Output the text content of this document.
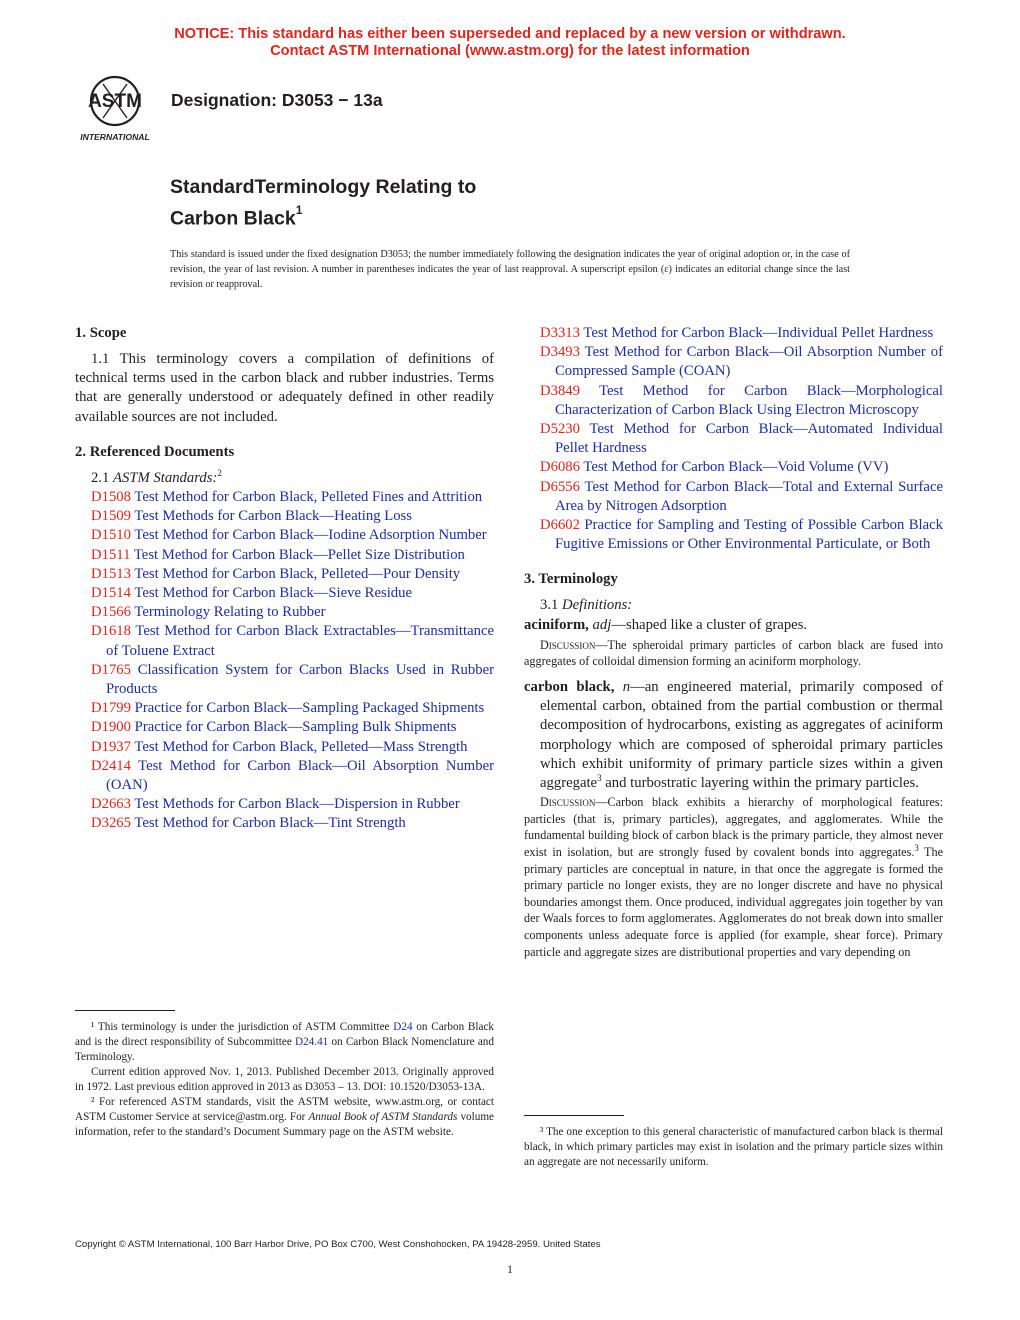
NOTICE: This standard has either been superseded and replaced by a new version or withdrawn.
Contact ASTM International (www.astm.org) for the latest information
ASTM
INTERNATIONAL
Designation: D3053 − 13a
StandardTerminology Relating to
Carbon Black$^1$
This standard is issued under the fixed designation D3053; the number immediately following the designation indicates the year of original adoption or, in the case of revision, the year of last revision. A number in parentheses indicates the year of last reapproval. A superscript epsilon (ε) indicates an editorial change since the last revision or reapproval.
1. Scope

1.1 This terminology covers a compilation of definitions of technical terms used in the carbon black and rubber industries. Terms that are generally understood or adequately defined in other readily available sources are not included.

2. Referenced Documents

2.1 ASTM Standards:$^2$

D1508 Test Method for Carbon Black, Pelleted Fines and Attrition

D1509 Test Methods for Carbon Black—Heating Loss

D1510 Test Method for Carbon Black—Iodine Adsorption Number

D1511 Test Method for Carbon Black—Pellet Size Distribution

D1513 Test Method for Carbon Black, Pelleted—Pour Density

D1514 Test Method for Carbon Black—Sieve Residue

D1566 Terminology Relating to Rubber

D1618 Test Method for Carbon Black Extractables—Transmittance of Toluene Extract

D1765 Classification System for Carbon Blacks Used in Rubber Products

D1799 Practice for Carbon Black—Sampling Packaged Shipments

D1900 Practice for Carbon Black—Sampling Bulk Shipments

D1937 Test Method for Carbon Black, Pelleted—Mass Strength

D2414 Test Method for Carbon Black—Oil Absorption Number (OAN)

D2663 Test Methods for Carbon Black—Dispersion in Rubber

D3265 Test Method for Carbon Black—Tint Strength

¹ This terminology is under the jurisdiction of ASTM Committee D24 on Carbon Black and is the direct responsibility of Subcommittee D24.41 on Carbon Black Nomenclature and Terminology.

Current edition approved Nov. 1, 2013. Published December 2013. Originally approved in 1972. Last previous edition approved in 2013 as D3053 – 13. DOI: 10.1520/D3053-13A.

² For referenced ASTM standards, visit the ASTM website, www.astm.org, or contact ASTM Customer Service at service@astm.org. For Annual Book of ASTM Standards volume information, refer to the standard’s Document Summary page on the ASTM website.

D3313 Test Method for Carbon Black—Individual Pellet Hardness

D3493 Test Method for Carbon Black—Oil Absorption Number of Compressed Sample (COAN)

D3849 Test Method for Carbon Black—Morphological Characterization of Carbon Black Using Electron Microscopy

D5230 Test Method for Carbon Black—Automated Individual Pellet Hardness

D6086 Test Method for Carbon Black—Void Volume (VV)

D6556 Test Method for Carbon Black—Total and External Surface Area by Nitrogen Adsorption

D6602 Practice for Sampling and Testing of Possible Carbon Black Fugitive Emissions or Other Environmental Particulate, or Both

3. Terminology

3.1 Definitions:

aciniform, adj—shaped like a cluster of grapes.

Discussion—The spheroidal primary particles of carbon black are fused into aggregates of colloidal dimension forming an aciniform morphology.

carbon black, n—an engineered material, primarily composed of elemental carbon, obtained from the partial combustion or thermal decomposition of hydrocarbons, existing as aggregates of aciniform morphology which are composed of spheroidal primary particles which exhibit uniformity of primary particle sizes within a given aggregate$^3$ and turbostratic layering within the primary particles.

Discussion—Carbon black exhibits a hierarchy of morphological features: particles (that is, primary particles), aggregates, and agglomerates. While the fundamental building block of carbon black is the primary particle, they almost never exist in isolation, but are strongly fused by covalent bonds into aggregates.$^3$ The primary particles are conceptual in nature, in that once the aggregate is formed the primary particle no longer exists, they are no longer discrete and have no physical boundaries amongst them. Once produced, individual aggregates join together by van der Waals forces to form agglomerates. Agglomerates do not break down into smaller components unless adequate force is applied (for example, shear force). Primary particle and aggregate sizes are distributional properties and vary depending on

³ The one exception to this general characteristic of manufactured carbon black is thermal black, in which primary particles may exist in isolation and the primary particle sizes within an aggregate are not necessarily uniform.

Copyright © ASTM International, 100 Barr Harbor Drive, PO Box C700, West Conshohocken, PA 19428-2959. United States
1
